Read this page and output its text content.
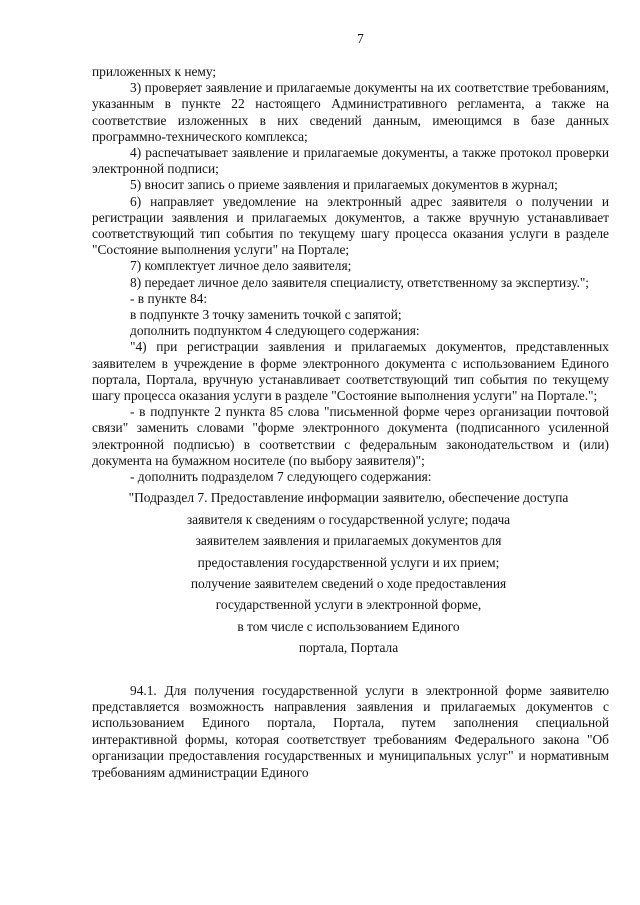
7

приложенных к нему;

3) проверяет заявление и прилагаемые документы на их соответствие требованиям, указанным в пункте 22 настоящего Административного регламента, а также на соответствие изложенных в них сведений данным, имеющимся в базе данных программно-технического комплекса;

4) распечатывает заявление и прилагаемые документы, а также протокол проверки электронной подписи;

5) вносит запись о приеме заявления и прилагаемых документов в журнал;

6) направляет уведомление на электронный адрес заявителя о получении и регистрации заявления и прилагаемых документов, а также вручную устанавливает соответствующий тип события по текущему шагу процесса оказания услуги в разделе "Состояние выполнения услуги" на Портале;

7) комплектует личное дело заявителя;

8) передает личное дело заявителя специалисту, ответственному за экспертизу.";

- в пункте 84:

в подпункте 3 точку заменить точкой с запятой;

дополнить подпунктом 4 следующего содержания:

"4) при регистрации заявления и прилагаемых документов, представленных заявителем в учреждение в форме электронного документа с использованием Единого портала, Портала, вручную устанавливает соответствующий тип события по текущему шагу процесса оказания услуги в разделе "Состояние выполнения услуги" на Портале.";

- в подпункте 2 пункта 85 слова "письменной форме через организации почтовой связи" заменить словами "форме электронного документа (подписанного усиленной электронной подписью) в соответствии с федеральным законодательством и (или) документа на бумажном носителе (по выбору заявителя)";

- дополнить подразделом 7 следующего содержания:

"Подраздел 7. Предоставление информации заявителю, обеспечение доступа
заявителя к сведениям о государственной услуге; подача
заявителем заявления и прилагаемых документов для
предоставления государственной услуги и их прием;
получение заявителем сведений о ходе предоставления
государственной услуги в электронной форме,
в том числе с использованием Единого
портала, Портала

94.1. Для получения государственной услуги в электронной форме заявителю представляется возможность направления заявления и прилагаемых документов с использованием Единого портала, Портала, путем заполнения специальной интерактивной формы, которая соответствует требованиям Федерального закона "Об организации предоставления государственных и муниципальных услуг" и нормативным требованиям администрации Единого
